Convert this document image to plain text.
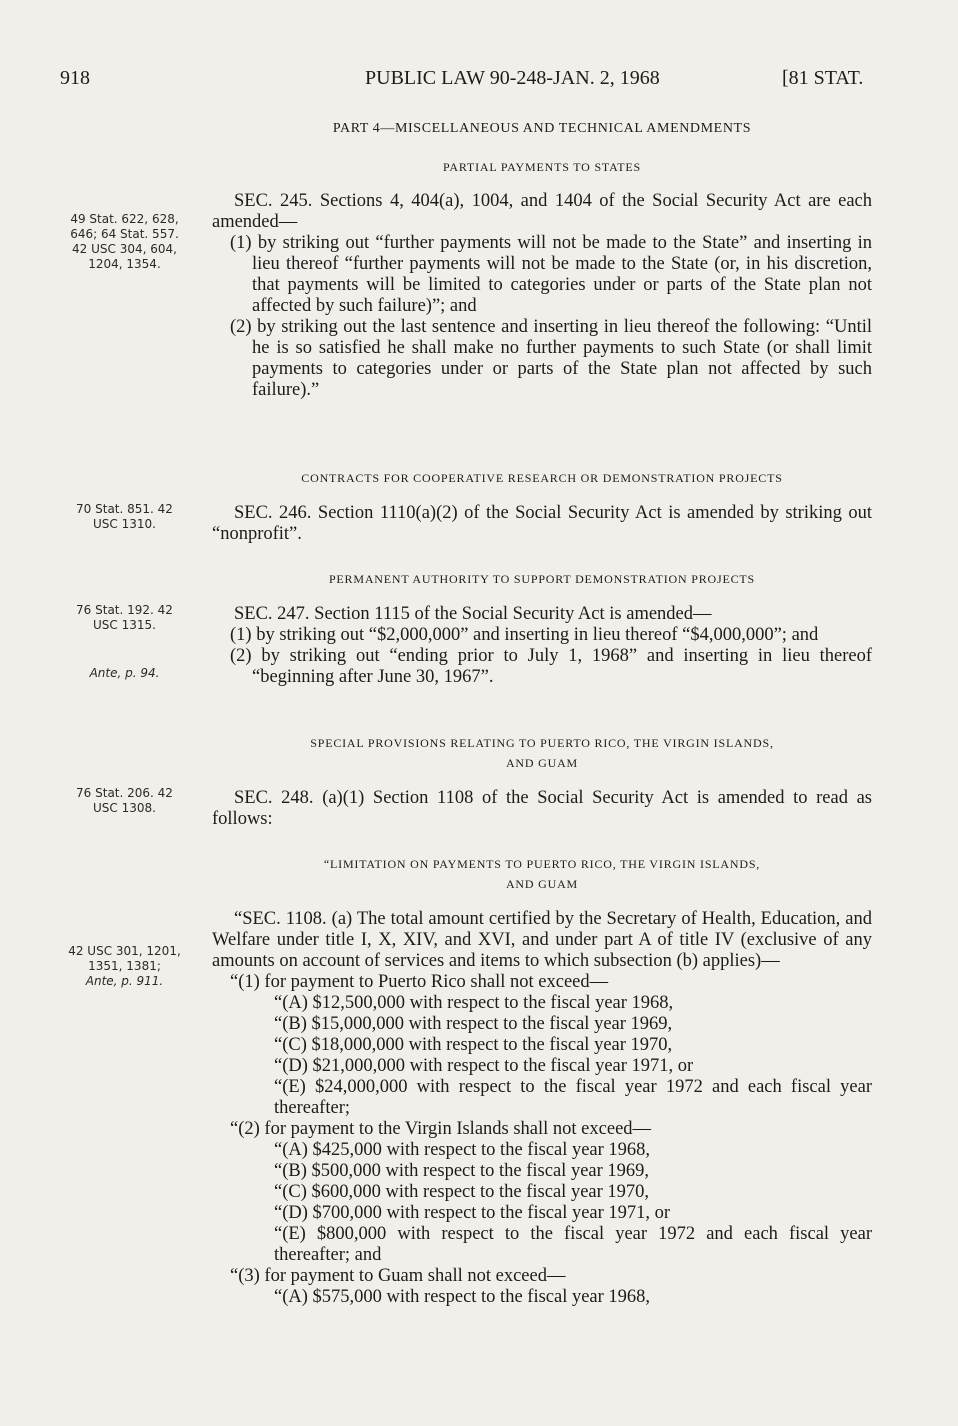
918	PUBLIC LAW 90-248-JAN. 2, 1968	[81 STAT.
PART 4—MISCELLANEOUS AND TECHNICAL AMENDMENTS
PARTIAL PAYMENTS TO STATES
49 Stat. 622, 628, 646; 64 Stat. 557. 42 USC 304, 604, 1204, 1354.

SEC. 245. Sections 4, 404(a), 1004, and 1404 of the Social Security Act are each amended—

(1) by striking out “further payments will not be made to the State” and inserting in lieu thereof “further payments will not be made to the State (or, in his discretion, that payments will be limited to categories under or parts of the State plan not affected by such failure)”; and

(2) by striking out the last sentence and inserting in lieu thereof the following: “Until he is so satisfied he shall make no further payments to such State (or shall limit payments to categories under or parts of the State plan not affected by such failure).”

CONTRACTS FOR COOPERATIVE RESEARCH OR DEMONSTRATION PROJECTS
70 Stat. 851. 42 USC 1310.

SEC. 246. Section 1110(a)(2) of the Social Security Act is amended by striking out “nonprofit”.

PERMANENT AUTHORITY TO SUPPORT DEMONSTRATION PROJECTS
76 Stat. 192. 42 USC 1315.
Ante, p. 94.

SEC. 247. Section 1115 of the Social Security Act is amended—

(1) by striking out “$2,000,000” and inserting in lieu thereof “$4,000,000”; and

(2) by striking out “ending prior to July 1, 1968” and inserting in lieu thereof “beginning after June 30, 1967”.

SPECIAL PROVISIONS RELATING TO PUERTO RICO, THE VIRGIN ISLANDS,
AND GUAM
76 Stat. 206. 42 USC 1308.	SEC. 248. (a)(1) Section 1108 of the Social Security Act is amended to read as follows:

“LIMITATION ON PAYMENTS TO PUERTO RICO, THE VIRGIN ISLANDS,
AND GUAM
42 USC 301, 1201, 1351, 1381;
Ante, p. 911.

“SEC. 1108. (a) The total amount certified by the Secretary of Health, Education, and Welfare under title I, X, XIV, and XVI, and under part A of title IV (exclusive of any amounts on account of services and items to which subsection (b) applies)—

“(1) for payment to Puerto Rico shall not exceed—

“(A) $12,500,000 with respect to the fiscal year 1968,

“(B) $15,000,000 with respect to the fiscal year 1969,

“(C) $18,000,000 with respect to the fiscal year 1970,

“(D) $21,000,000 with respect to the fiscal year 1971, or

“(E) $24,000,000 with respect to the fiscal year 1972 and each fiscal year thereafter;

“(2) for payment to the Virgin Islands shall not exceed—

“(A) $425,000 with respect to the fiscal year 1968,

“(B) $500,000 with respect to the fiscal year 1969,

“(C) $600,000 with respect to the fiscal year 1970,

“(D) $700,000 with respect to the fiscal year 1971, or

“(E) $800,000 with respect to the fiscal year 1972 and each fiscal year thereafter; and

“(3) for payment to Guam shall not exceed—

“(A) $575,000 with respect to the fiscal year 1968,
